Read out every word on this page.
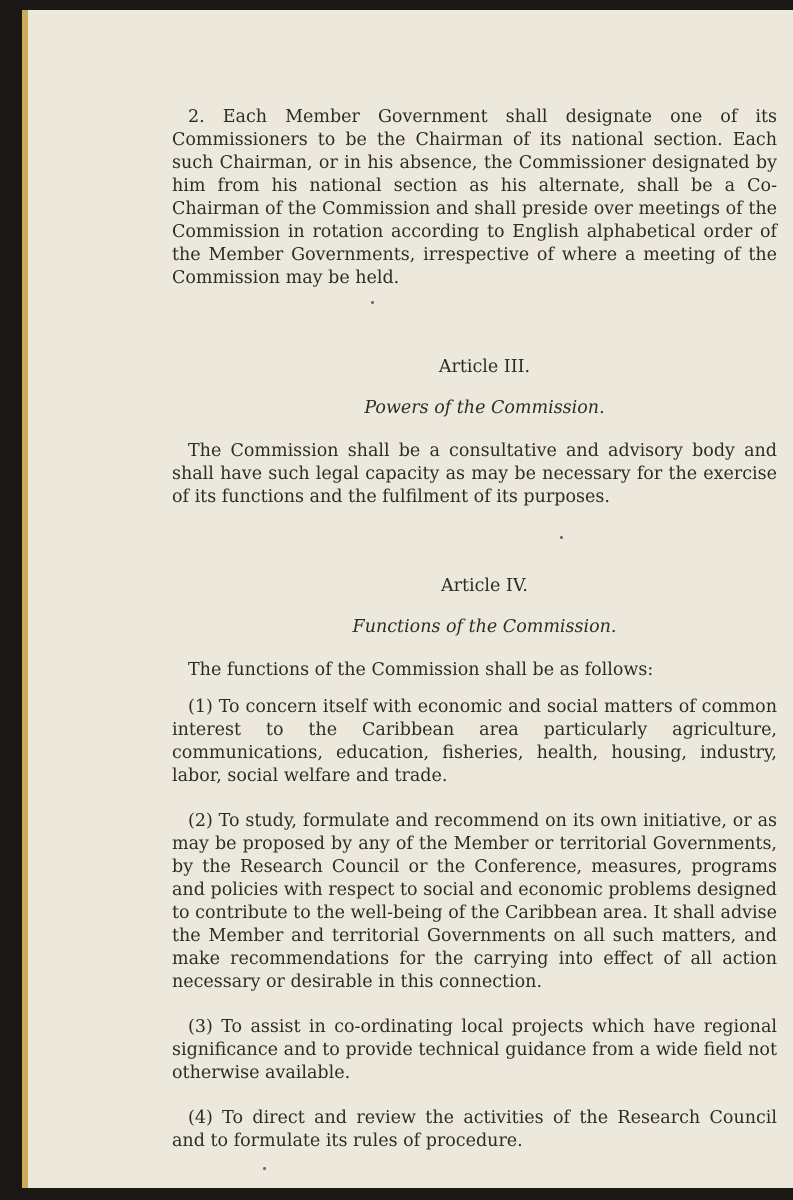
2. Each Member Government shall designate one of its Commissioners to be the Chairman of its national section. Each such Chairman, or in his absence, the Commissioner designated by him from his national section as his alternate, shall be a Co-Chairman of the Commission and shall preside over meetings of the Commission in rotation according to English alphabetical order of the Member Governments, irrespective of where a meeting of the Commission may be held.

Article III.

Powers of the Commission.

The Commission shall be a consultative and advisory body and shall have such legal capacity as may be necessary for the exercise of its functions and the fulfilment of its purposes.

Article IV.

Functions of the Commission.

The functions of the Commission shall be as follows:

(1) To concern itself with economic and social matters of common interest to the Caribbean area particularly agriculture, communications, education, fisheries, health, housing, industry, labor, social welfare and trade.

(2) To study, formulate and recommend on its own initiative, or as may be proposed by any of the Member or territorial Governments, by the Research Council or the Conference, measures, programs and policies with respect to social and economic problems designed to contribute to the well-being of the Caribbean area. It shall advise the Member and territorial Governments on all such matters, and make recommendations for the carrying into effect of all action necessary or desirable in this connection.

(3) To assist in co-ordinating local projects which have regional significance and to provide technical guidance from a wide field not otherwise available.

(4) To direct and review the activities of the Research Council and to formulate its rules of procedure.
